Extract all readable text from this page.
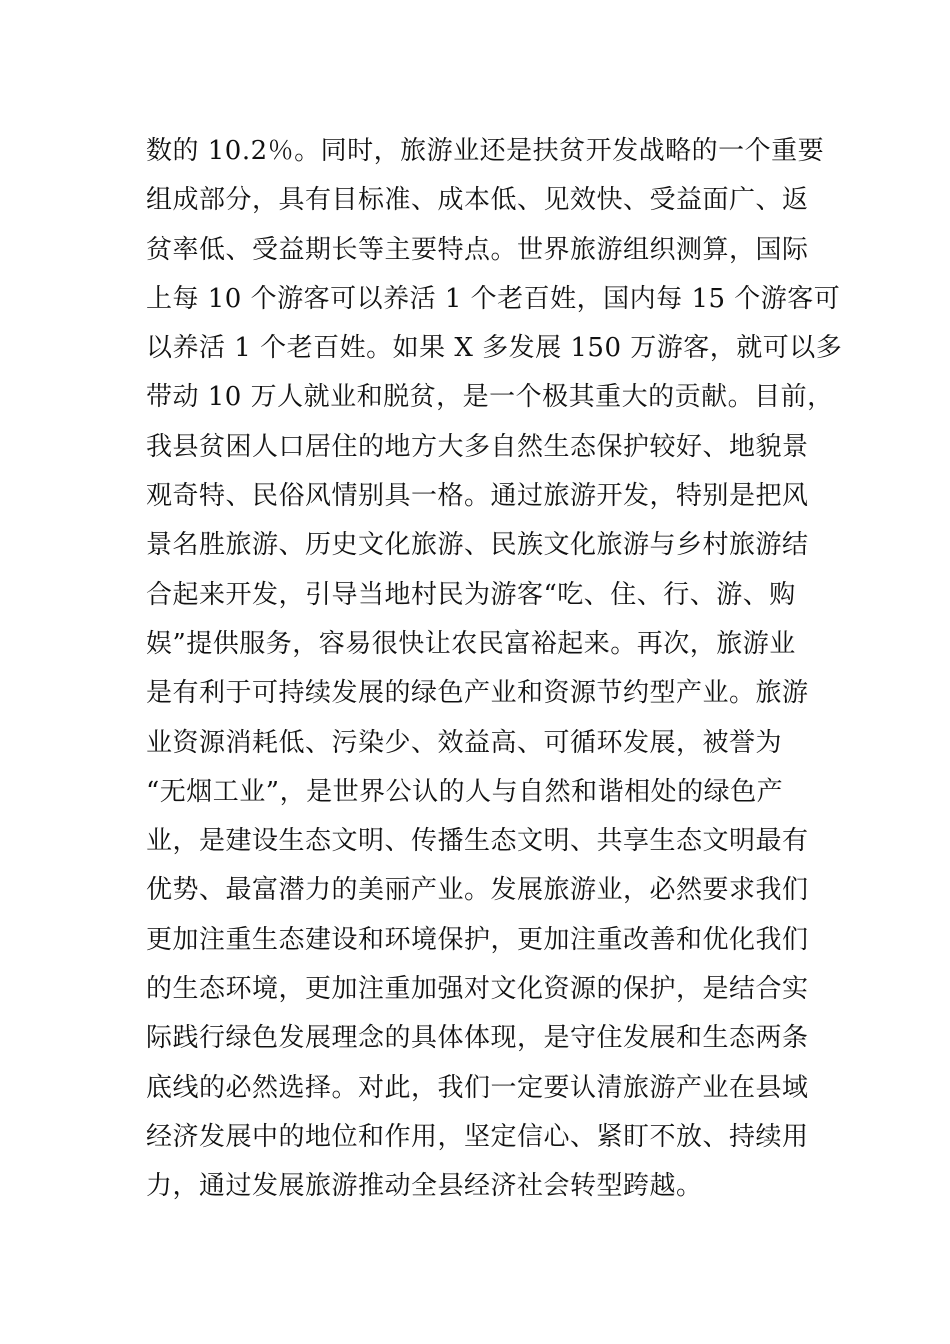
数的 10.2％。同时，旅游业还是扶贫开发战略的一个重要
组成部分，具有目标准、成本低、见效快、受益面广、返
贫率低、受益期长等主要特点。世界旅游组织测算，国际
上每 10 个游客可以养活 1 个老百姓，国内每 15 个游客可
以养活 1 个老百姓。如果 X 多发展 150 万游客，就可以多
带动 10 万人就业和脱贫，是一个极其重大的贡献。目前，
我县贫困人口居住的地方大多自然生态保护较好、地貌景
观奇特、民俗风情别具一格。通过旅游开发，特别是把风
景名胜旅游、历史文化旅游、民族文化旅游与乡村旅游结
合起来开发，引导当地村民为游客“吃、住、行、游、购
娱”提供服务，容易很快让农民富裕起来。再次，旅游业
是有利于可持续发展的绿色产业和资源节约型产业。旅游
业资源消耗低、污染少、效益高、可循环发展，被誉为
“无烟工业”，是世界公认的人与自然和谐相处的绿色产
业，是建设生态文明、传播生态文明、共享生态文明最有
优势、最富潜力的美丽产业。发展旅游业，必然要求我们
更加注重生态建设和环境保护，更加注重改善和优化我们
的生态环境，更加注重加强对文化资源的保护，是结合实
际践行绿色发展理念的具体体现，是守住发展和生态两条
底线的必然选择。对此，我们一定要认清旅游产业在县域
经济发展中的地位和作用，坚定信心、紧盯不放、持续用
力，通过发展旅游推动全县经济社会转型跨越。
